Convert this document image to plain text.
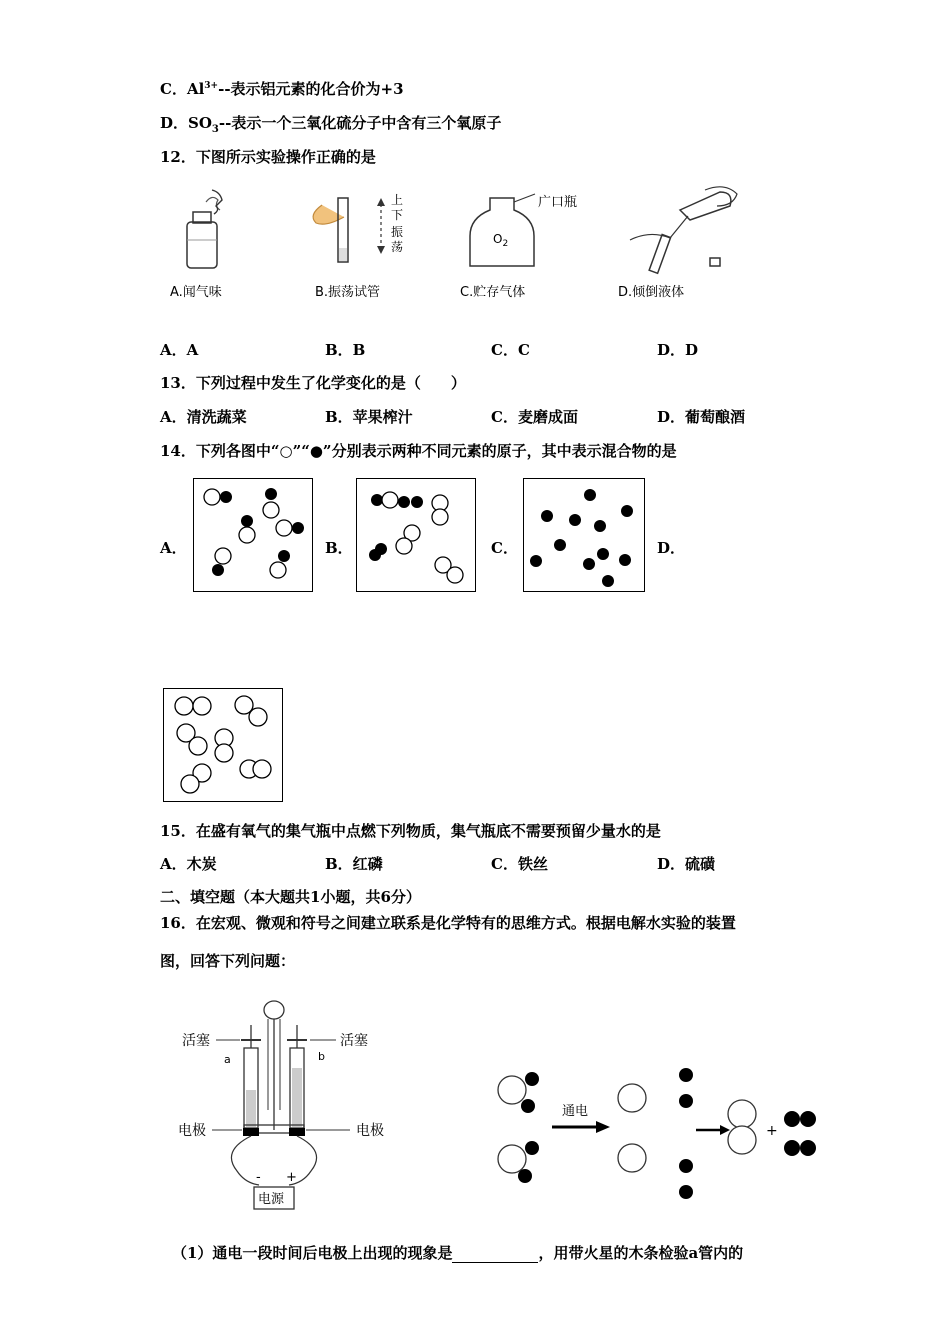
C．$Al^{3+}--$表示铝元素的化合价为+3
D．$SO_3--$表示一个三氧化硫分子中含有三个氧原子
12．下图所示实验操作正确的是
A.闻气味
上
下
振
荡
B.振荡试管
广口瓶
$O_2$
C.贮存气体	D.倾倒液体
A．A	B．B	C．C	D．D
13．下列过程中发生了化学变化的是（　　）
A．清洗蔬菜	B．苹果榨汁	C．麦磨成面	D．葡萄酿酒
14．下列各图中“○”“●”分别表示两种不同元素的原子，其中表示混合物的是
A．	B．	C．	D．
15．在盛有氧气的集气瓶中点燃下列物质，集气瓶底不需要预留少量水的是
A．木炭	B．红磷	C．铁丝	D．硫磺
二、填空题（本大题共1小题，共6分）
16．在宏观、微观和符号之间建立联系是化学特有的思维方式。根据电解水实验的装置
图，回答下列问题：
活塞	活塞
a	b
电极	电极
- +
电源
通电
+
（1）通电一段时间后电极上出现的现象是	，用带火星的木条检验a管内的
